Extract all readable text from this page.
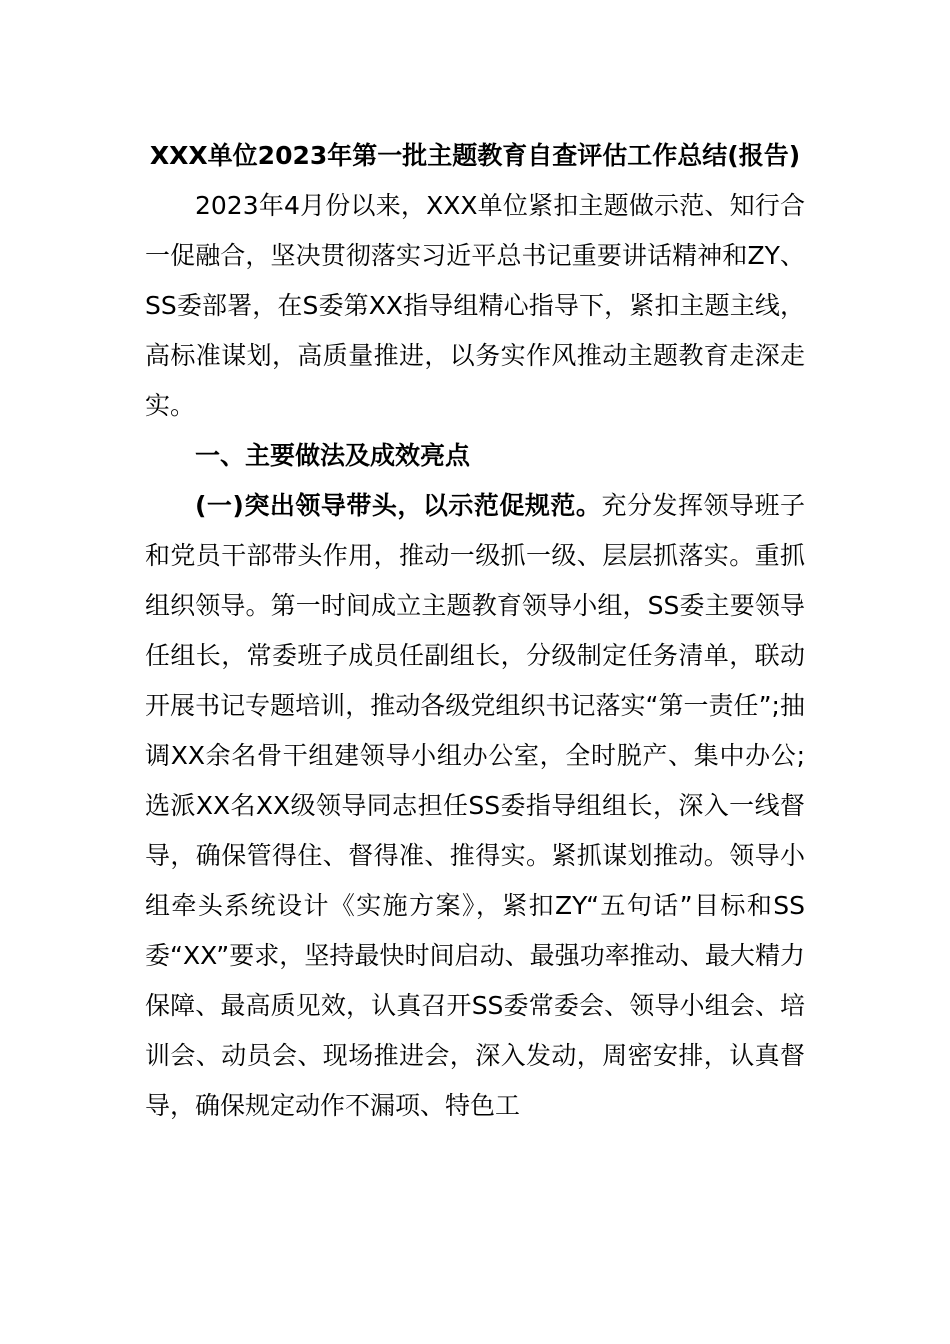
XXX单位2023年第一批主题教育自查评估工作总结(报告)

2023年4月份以来，XXX单位紧扣主题做示范、知行合一促融合，坚决贯彻落实习近平总书记重要讲话精神和ZY、SS委部署，在S委第XX指导组精心指导下，紧扣主题主线，高标准谋划，高质量推进，以务实作风推动主题教育走深走实。

一、主要做法及成效亮点

(一)突出领导带头，以示范促规范。充分发挥领导班子和党员干部带头作用，推动一级抓一级、层层抓落实。重抓组织领导。第一时间成立主题教育领导小组，SS委主要领导任组长，常委班子成员任副组长，分级制定任务清单，联动开展书记专题培训，推动各级党组织书记落实“第一责任”;抽调XX余名骨干组建领导小组办公室，全时脱产、集中办公;选派XX名XX级领导同志担任SS委指导组组长，深入一线督导，确保管得住、督得准、推得实。紧抓谋划推动。领导小组牵头系统设计《实施方案》，紧扣ZY“五句话”目标和SS委“XX”要求，坚持最快时间启动、最强功率推动、最大精力保障、最高质见效，认真召开SS委常委会、领导小组会、培训会、动员会、现场推进会，深入发动，周密安排，认真督导，确保规定动作不漏项、特色工
